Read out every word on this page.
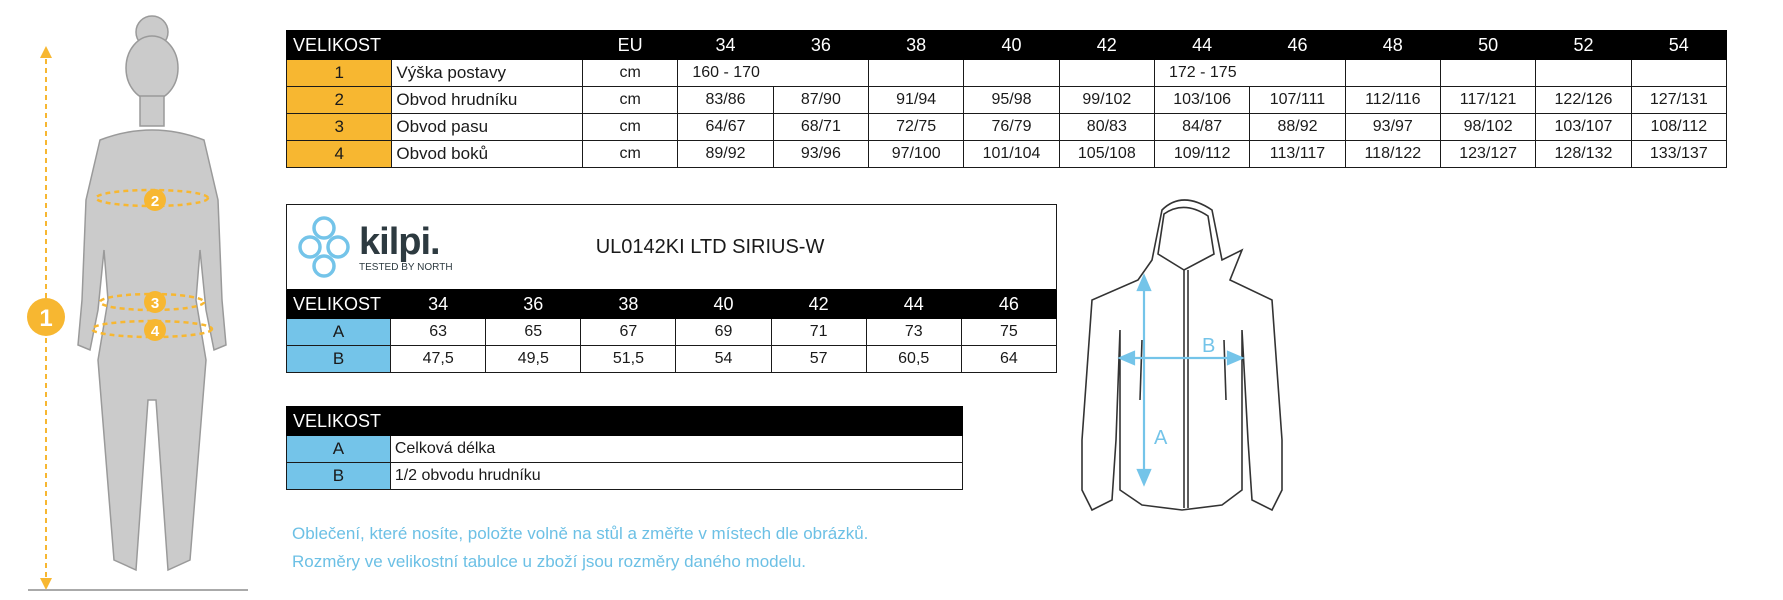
1
2
3
4
VELIKOST		EU	34	36	38	40	42	44	46	48	50	52	54
1	Výška postavy	cm	160 - 170					172 - 175					
2	Obvod hrudníku	cm	83/86	87/90	91/94	95/98	99/102	103/106	107/111	112/116	117/121	122/126	127/131
3	Obvod pasu	cm	64/67	68/71	72/75	76/79	80/83	84/87	88/92	93/97	98/102	103/107	108/112
4	Obvod boků	cm	89/92	93/96	97/100	101/104	105/108	109/112	113/117	118/122	123/127	128/132	133/137
kilpi.
TESTED BY NORTH		UL0142KI LTD SIRIUS-W					
VELIKOST	34	36	38	40	42	44	46
A	63	65	67	69	71	73	75
B	47,5	49,5	51,5	54	57	60,5	64
VELIKOST	
A	Celková délka
B	1/2 obvodu hrudníku
Oblečení, které nosíte, položte volně na stůl a změřte v místech dle obrázků.
Rozměry ve velikostní tabulce u zboží jsou rozměry daného modelu.
A
B
